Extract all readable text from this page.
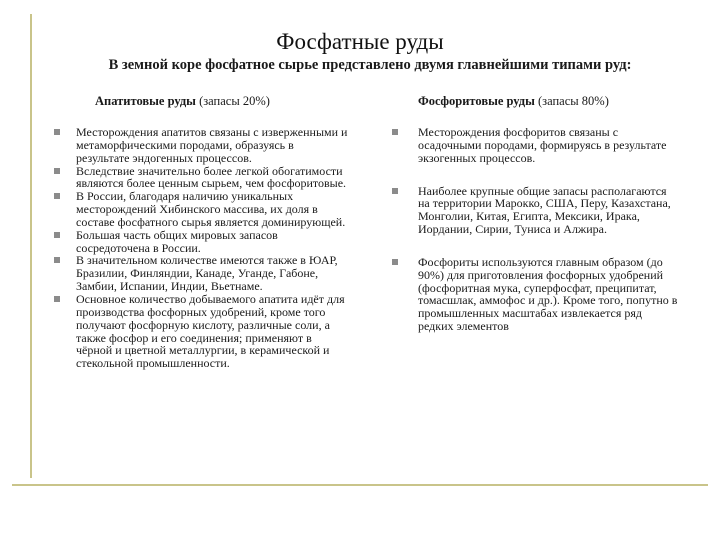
Фосфатные руды
В земной коре фосфатное сырье представлено двумя главнейшими типами руд:
Апатитовые руды (запасы 20%)	Фосфоритовые руды (запасы 80%)
Месторождения апатитов связаны с изверженными и метаморфическими породами, образуясь в результате эндогенных процессов.
Вследствие значительно более легкой обогатимости являются более ценным сырьем, чем фосфоритовые.
В России, благодаря наличию уникальных месторождений Хибинского массива, их доля в составе фосфатного сырья является доминирующей.
Большая часть общих мировых запасов сосредоточена в России.
В значительном количестве имеются также в ЮАР, Бразилии, Финляндии, Канаде, Уганде, Габоне, Замбии, Испании, Индии, Вьетнаме.
Основное количество добываемого апатита идёт для производства фосфорных удобрений, кроме того получают фосфорную кислоту, различные соли, а также фосфор и его соединения; применяют в чёрной и цветной металлургии, в керамической и стекольной промышленности.
Месторождения фосфоритов связаны с осадочными породами, формируясь в результате экзогенных процессов.
Наиболее крупные общие запасы располагаются на территории Марокко, США, Перу, Казахстана, Монголии, Китая, Египта, Мексики, Ирака, Иордании, Сирии, Туниса и Алжира.
Фосфориты используются главным образом (до 90%) для приготовления фосфорных удобрений (фосфоритная мука, суперфосфат, преципитат, томасшлак, аммофос и др.). Кроме того, попутно в промышленных масштабах извлекается ряд редких элементов
